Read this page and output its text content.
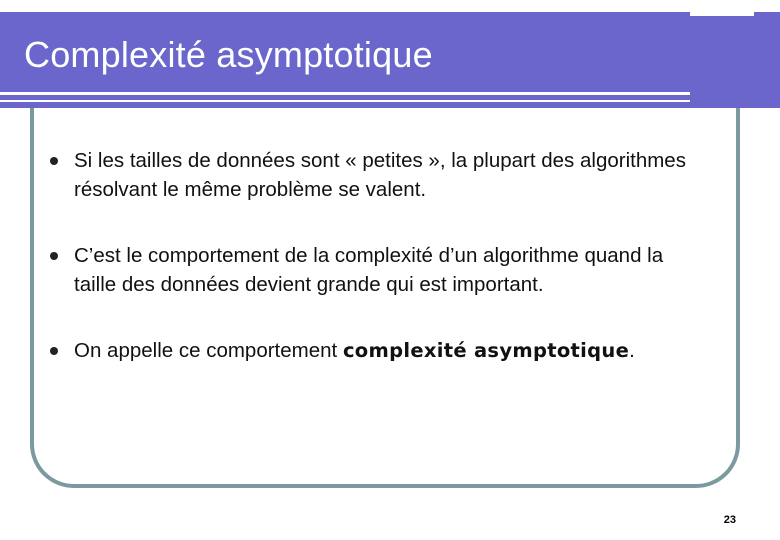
Complexité asymptotique
Si les tailles de données sont « petites », la plupart des algorithmes résolvant le même problème se valent.
C’est le comportement de la complexité d’un algorithme quand la taille des données devient grande qui est important.
On appelle ce comportement complexité asymptotique.
23
